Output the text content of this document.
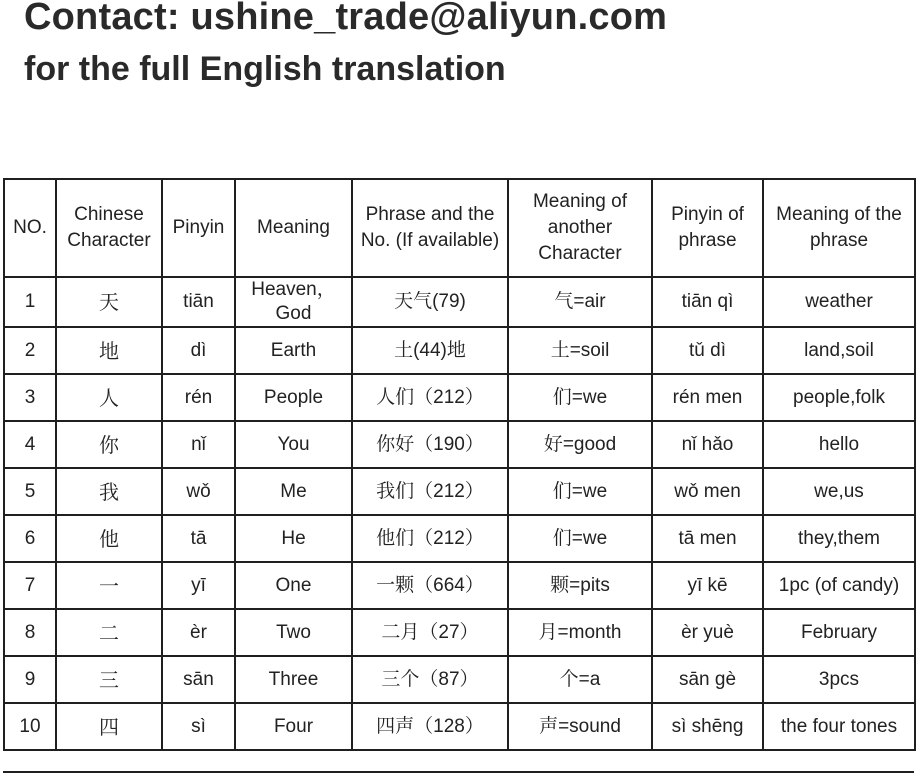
Contact: ushine_trade@aliyun.com

for the full English translation

NO.	Chinese Character	Pinyin	Meaning	Phrase and the No. (If available)	Meaning of another Character	Pinyin of phrase	Meaning of the phrase
1	天	tiān	Heaven，God	天气(79)	气=air	tiān qì	weather
2	地	dì	Earth	土(44)地	土=soil	tǔ dì	land,soil
3	人	rén	People	人们（212）	们=we	rén men	people,folk
4	你	nǐ	You	你好（190）	好=good	nǐ hǎo	hello
5	我	wǒ	Me	我们（212）	们=we	wǒ men	we,us
6	他	tā	He	他们（212）	们=we	tā men	they,them
7	一	yī	One	一颗（664）	颗=pits	yī kē	1pc (of candy)
8	二	èr	Two	二月（27）	月=month	èr yuè	February
9	三	sān	Three	三个（87）	个=a	sān gè	3pcs
10	四	sì	Four	四声（128）	声=sound	sì shēng	the four tones
